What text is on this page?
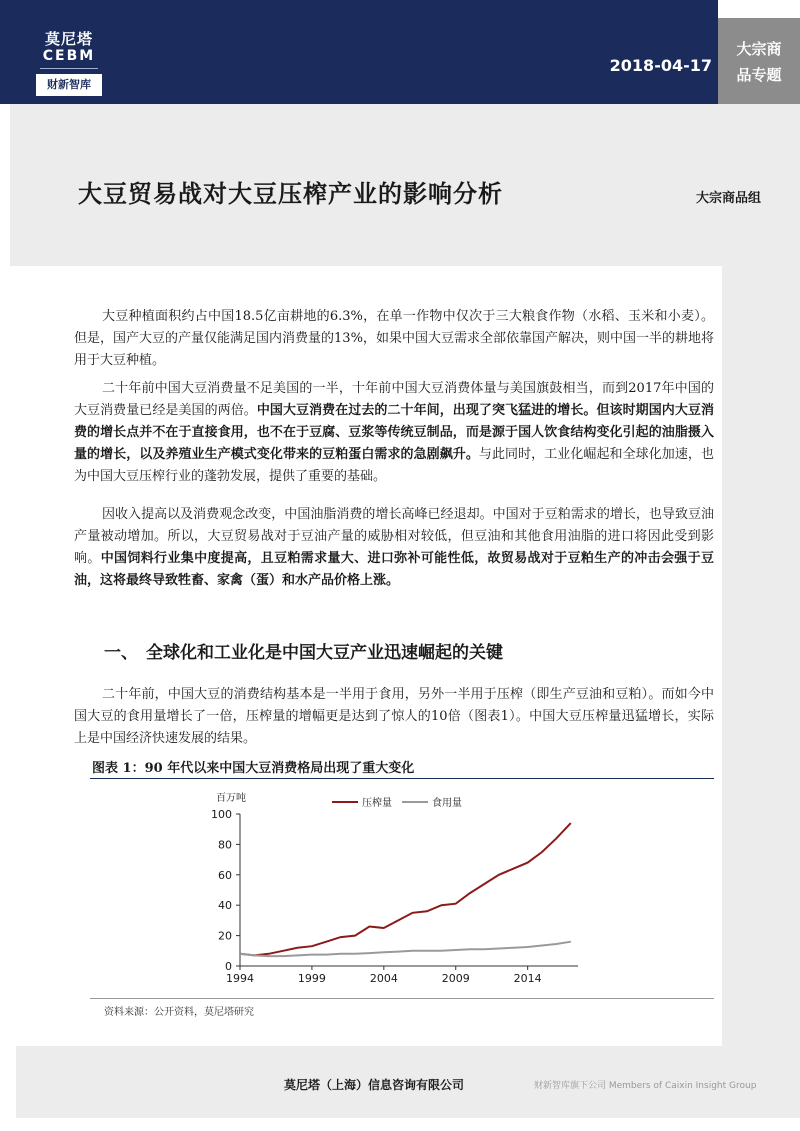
莫尼塔
CEBM
财新智库
2018-04-17
大宗商
品专题
大豆贸易战对大豆压榨产业的影响分析	大宗商品组

大豆种植面积约占中国18.5亿亩耕地的6.3%，在单一作物中仅次于三大粮食作物（水稻、玉米和小麦）。但是，国产大豆的产量仅能满足国内消费量的13%，如果中国大豆需求全部依靠国产解决，则中国一半的耕地将用于大豆种植。

二十年前中国大豆消费量不足美国的一半，十年前中国大豆消费体量与美国旗鼓相当，而到2017年中国的大豆消费量已经是美国的两倍。中国大豆消费在过去的二十年间，出现了突飞猛进的增长。但该时期国内大豆消费的增长点并不在于直接食用，也不在于豆腐、豆浆等传统豆制品，而是源于国人饮食结构变化引起的油脂摄入量的增长，以及养殖业生产模式变化带来的豆粕蛋白需求的急剧飙升。与此同时，工业化崛起和全球化加速，也为中国大豆压榨行业的蓬勃发展，提供了重要的基础。

因收入提高以及消费观念改变，中国油脂消费的增长高峰已经退却。中国对于豆粕需求的增长，也导致豆油产量被动增加。所以，大豆贸易战对于豆油产量的威胁相对较低，但豆油和其他食用油脂的进口将因此受到影响。中国饲料行业集中度提高，且豆粕需求量大、进口弥补可能性低，故贸易战对于豆粕生产的冲击会强于豆油，这将最终导致牲畜、家禽（蛋）和水产品价格上涨。

一、 全球化和工业化是中国大豆产业迅速崛起的关键

二十年前，中国大豆的消费结构基本是一半用于食用，另外一半用于压榨（即生产豆油和豆粕）。而如今中国大豆的食用量增长了一倍，压榨量的增幅更是达到了惊人的10倍（图表1）。中国大豆压榨量迅猛增长，实际上是中国经济快速发展的结果。

图表 1：90 年代以来中国大豆消费格局出现了重大变化
百万吨	压榨量	食用量
0
20
40
60
80
100
1994	1999	2004	2009	2014
资料来源：公开资料，莫尼塔研究
莫尼塔（上海）信息咨询有限公司	财新智库旗下公司 Members of Caixin Insight Group
